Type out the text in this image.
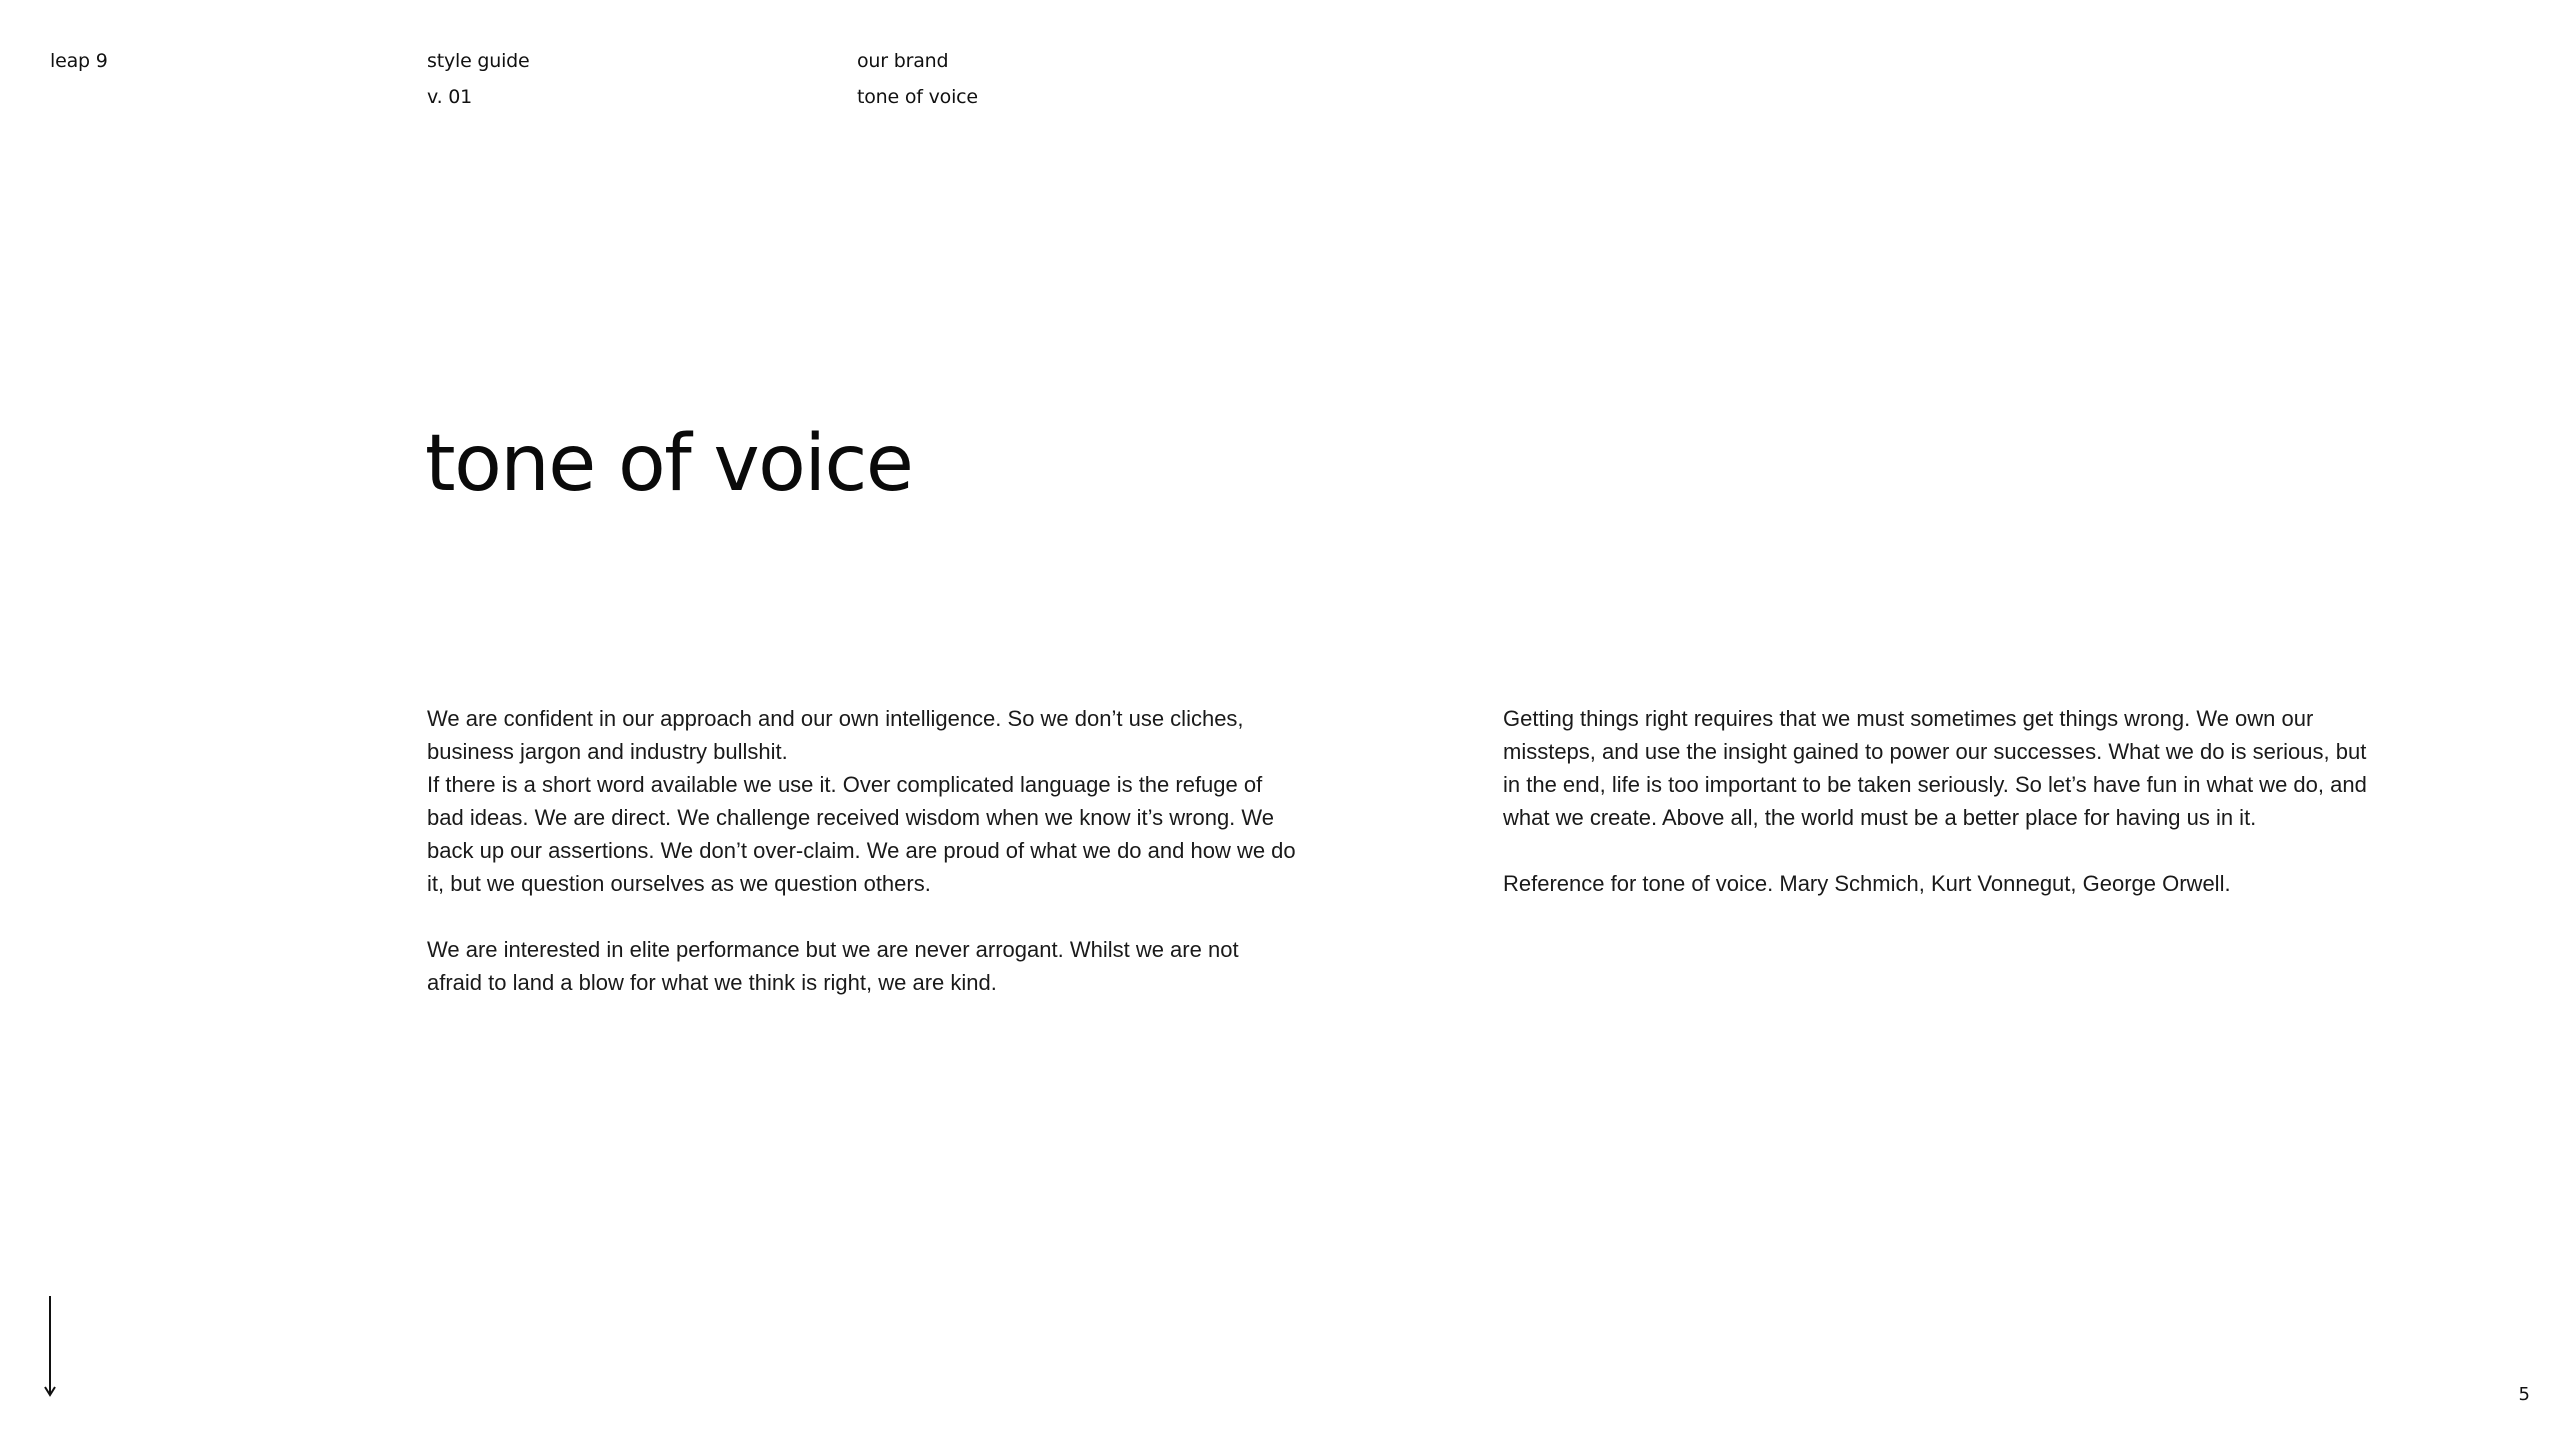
leap 9	style guide
v. 01
our brand
tone of voice
tone of voice

We are confident in our approach and our own intelligence. So we don’t use cliches, business jargon and industry bullshit.

If there is a short word available we use it. Over complicated language is the refuge of bad ideas. We are direct. We challenge received wisdom when we know it’s wrong. We back up our assertions. We don’t over-claim. We are proud of what we do and how we do it, but we question ourselves as we question others.

We are interested in elite performance but we are never arrogant. Whilst we are not afraid to land a blow for what we think is right, we are kind.

Getting things right requires that we must sometimes get things wrong. We own our missteps, and use the insight gained to power our successes. What we do is serious, but in the end, life is too important to be taken seriously. So let’s have fun in what we do, and what we create. Above all, the world must be a better place for having us in it.

Reference for tone of voice. Mary Schmich, Kurt Vonnegut, George Orwell.

5
